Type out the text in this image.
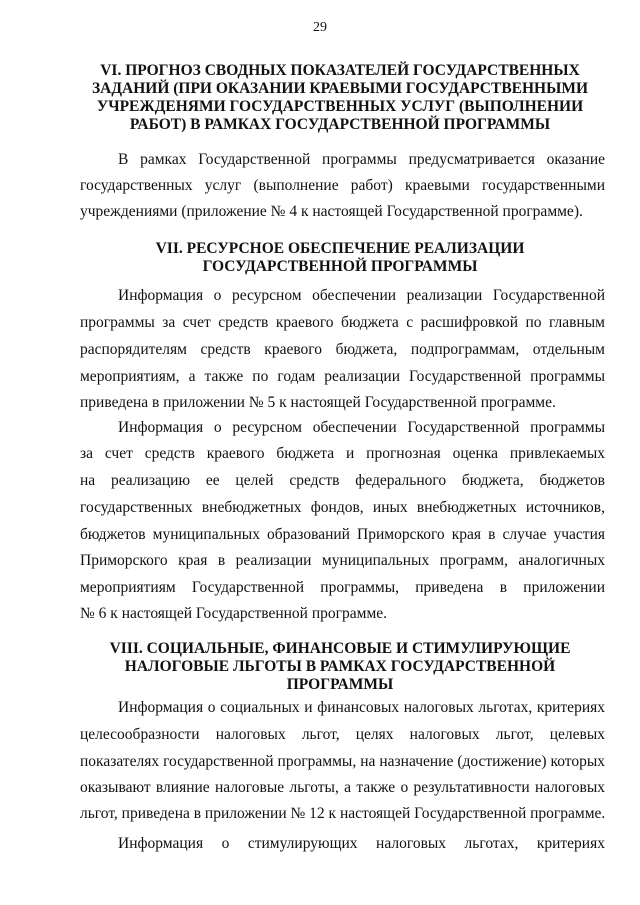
29
VI. ПРОГНОЗ СВОДНЫХ ПОКАЗАТЕЛЕЙ ГОСУДАРСТВЕННЫХ
ЗАДАНИЙ (ПРИ ОКАЗАНИИ КРАЕВЫМИ ГОСУДАРСТВЕННЫМИ
УЧРЕЖДЕНЯМИ ГОСУДАРСТВЕННЫХ УСЛУГ (ВЫПОЛНЕНИИ
РАБОТ) В РАМКАХ ГОСУДАРСТВЕННОЙ ПРОГРАММЫ
В рамках Государственной программы предусматривается оказание
государственных услуг (выполнение работ) краевыми государственными
учреждениями (приложение № 4 к настоящей Государственной программе).
VII. РЕСУРСНОЕ ОБЕСПЕЧЕНИЕ РЕАЛИЗАЦИИ
ГОСУДАРСТВЕННОЙ ПРОГРАММЫ
Информация о ресурсном обеспечении реализации Государственной
программы за счет средств краевого бюджета с расшифровкой по главным
распорядителям средств краевого бюджета, подпрограммам, отдельным
мероприятиям, а также по годам реализации Государственной программы
приведена в приложении № 5 к настоящей Государственной программе.
Информация о ресурсном обеспечении Государственной программы
за счет средств краевого бюджета и прогнозная оценка привлекаемых
на реализацию ее целей средств федерального бюджета, бюджетов
государственных внебюджетных фондов, иных внебюджетных источников,
бюджетов муниципальных образований Приморского края в случае участия
Приморского края в реализации муниципальных программ, аналогичных
мероприятиям Государственной программы, приведена в приложении
№ 6 к настоящей Государственной программе.
VIII. СОЦИАЛЬНЫЕ, ФИНАНСОВЫЕ И СТИМУЛИРУЮЩИЕ
НАЛОГОВЫЕ ЛЬГОТЫ В РАМКАХ ГОСУДАРСТВЕННОЙ
ПРОГРАММЫ
Информация о социальных и финансовых налоговых льготах, критериях
целесообразности налоговых льгот, целях налоговых льгот, целевых
показателях государственной программы, на назначение (достижение) которых
оказывают влияние налоговые льготы, а также о результативности налоговых
льгот, приведена в приложении № 12 к настоящей Государственной программе.
Информация о стимулирующих налоговых льготах, критериях
